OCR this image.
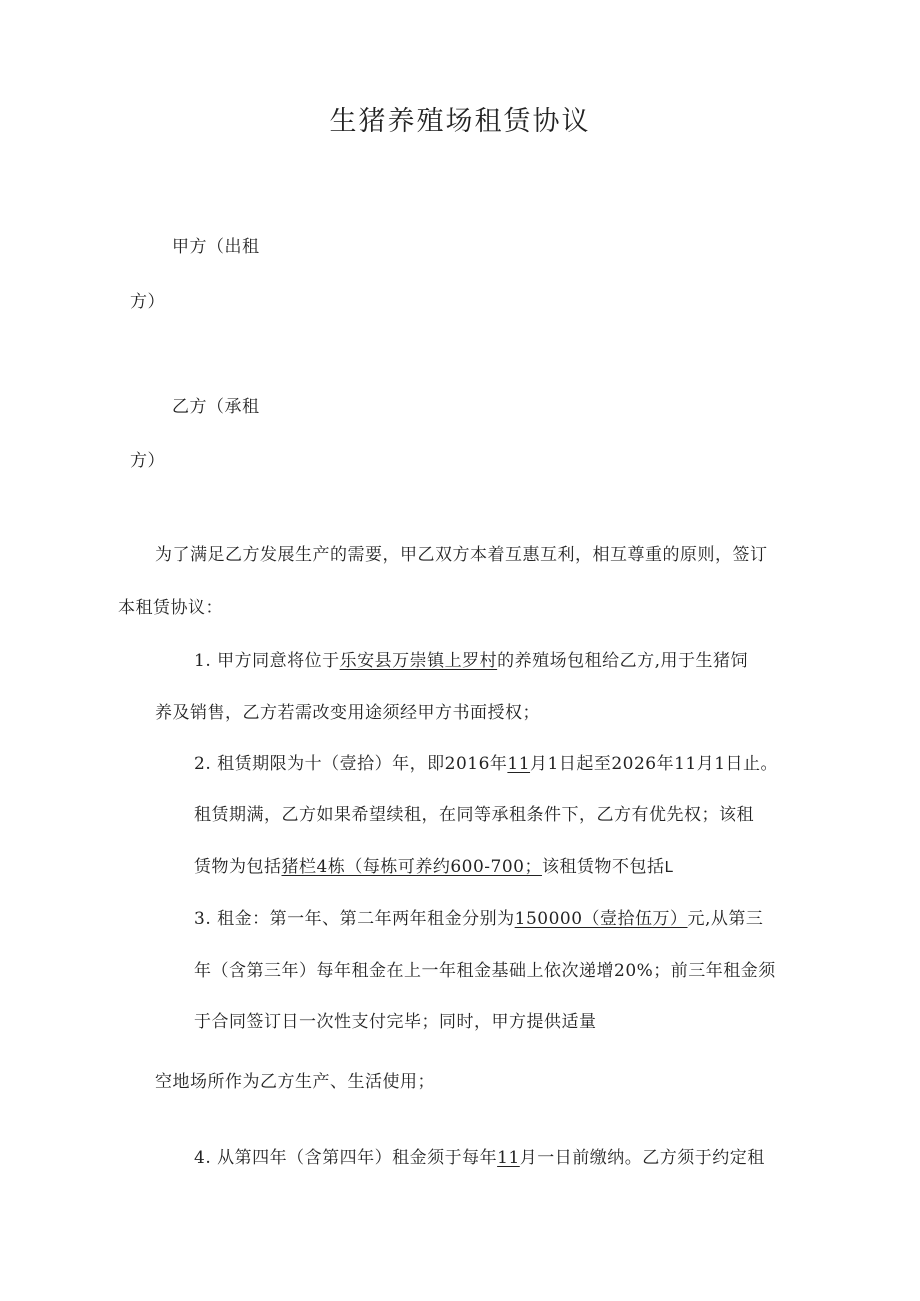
生猪养殖场租赁协议
甲方（出租
方）
乙方（承租
方）
为了满足乙方发展生产的需要，甲乙双方本着互惠互利，相互尊重的原则，签订
本租赁协议：
1. 甲方同意将位于乐安县万崇镇上罗村的养殖场包租给乙方,用于生猪饲
养及销售，乙方若需改变用途须经甲方书面授权；
2. 租赁期限为十（壹拾）年，即2016年11月1日起至2026年11月1日止。
租赁期满，乙方如果希望续租，在同等承租条件下，乙方有优先权；该租
赁物为包括猪栏4栋（每栋可养约600-700；该租赁物不包括L
3. 租金：第一年、第二年两年租金分别为150000（壹拾伍万）元,从第三
年（含第三年）每年租金在上一年租金基础上依次递增20%；前三年租金须
于合同签订日一次性支付完毕；同时，甲方提供适量
空地场所作为乙方生产、生活使用；
4. 从第四年（含第四年）租金须于每年11月一日前缴纳。乙方须于约定租
